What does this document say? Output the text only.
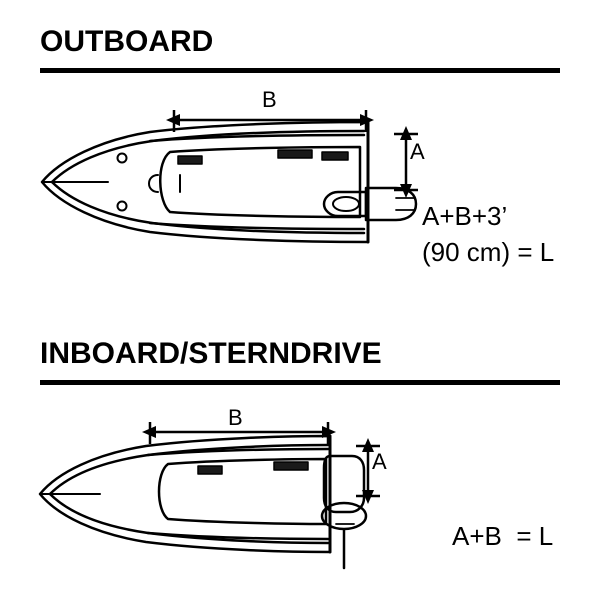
OUTBOARD
B
A
A+B+3’
(90 cm) = L
INBOARD/STERNDRIVE
B
A
A+B  = L
